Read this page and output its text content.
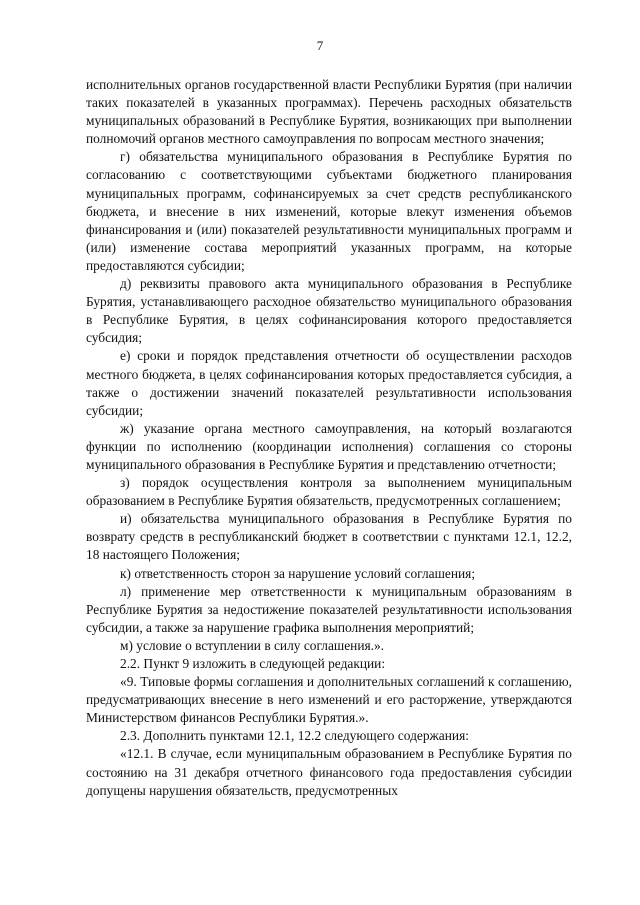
7

исполнительных органов государственной власти Республики Бурятия (при наличии таких показателей в указанных программах). Перечень расходных обязательств муниципальных образований в Республике Бурятия, возникающих при выполнении полномочий органов местного самоуправления по вопросам местного значения;

г) обязательства муниципального образования в Республике Бурятия по согласованию с соответствующими субъектами бюджетного планирования муниципальных программ, софинансируемых за счет средств республиканского бюджета, и внесение в них изменений, которые влекут изменения объемов финансирования и (или) показателей результативности муниципальных программ и (или) изменение состава мероприятий указанных программ, на которые предоставляются субсидии;

д) реквизиты правового акта муниципального образования в Республике Бурятия, устанавливающего расходное обязательство муниципального образования в Республике Бурятия, в целях софинансирования которого предоставляется субсидия;

е) сроки и порядок представления отчетности об осуществлении расходов местного бюджета, в целях софинансирования которых предоставляется субсидия, а также о достижении значений показателей результативности использования субсидии;

ж) указание органа местного самоуправления, на который возлагаются функции по исполнению (координации исполнения) соглашения со стороны муниципального образования в Республике Бурятия и представлению отчетности;

з) порядок осуществления контроля за выполнением муниципальным образованием в Республике Бурятия обязательств, предусмотренных соглашением;

и) обязательства муниципального образования в Республике Бурятия по возврату средств в республиканский бюджет в соответствии с пунктами 12.1, 12.2, 18 настоящего Положения;

к) ответственность сторон за нарушение условий соглашения;

л) применение мер ответственности к муниципальным образованиям в Республике Бурятия за недостижение показателей результативности использования субсидии, а также за нарушение графика выполнения мероприятий;

м) условие о вступлении в силу соглашения.».

2.2. Пункт 9 изложить в следующей редакции:

«9. Типовые формы соглашения и дополнительных соглашений к соглашению, предусматривающих внесение в него изменений и его расторжение, утверждаются Министерством финансов Республики Бурятия.».

2.3. Дополнить пунктами 12.1, 12.2 следующего содержания:

«12.1. В случае, если муниципальным образованием в Республике Бурятия по состоянию на 31 декабря отчетного финансового года предоставления субсидии допущены нарушения обязательств, предусмотренных
